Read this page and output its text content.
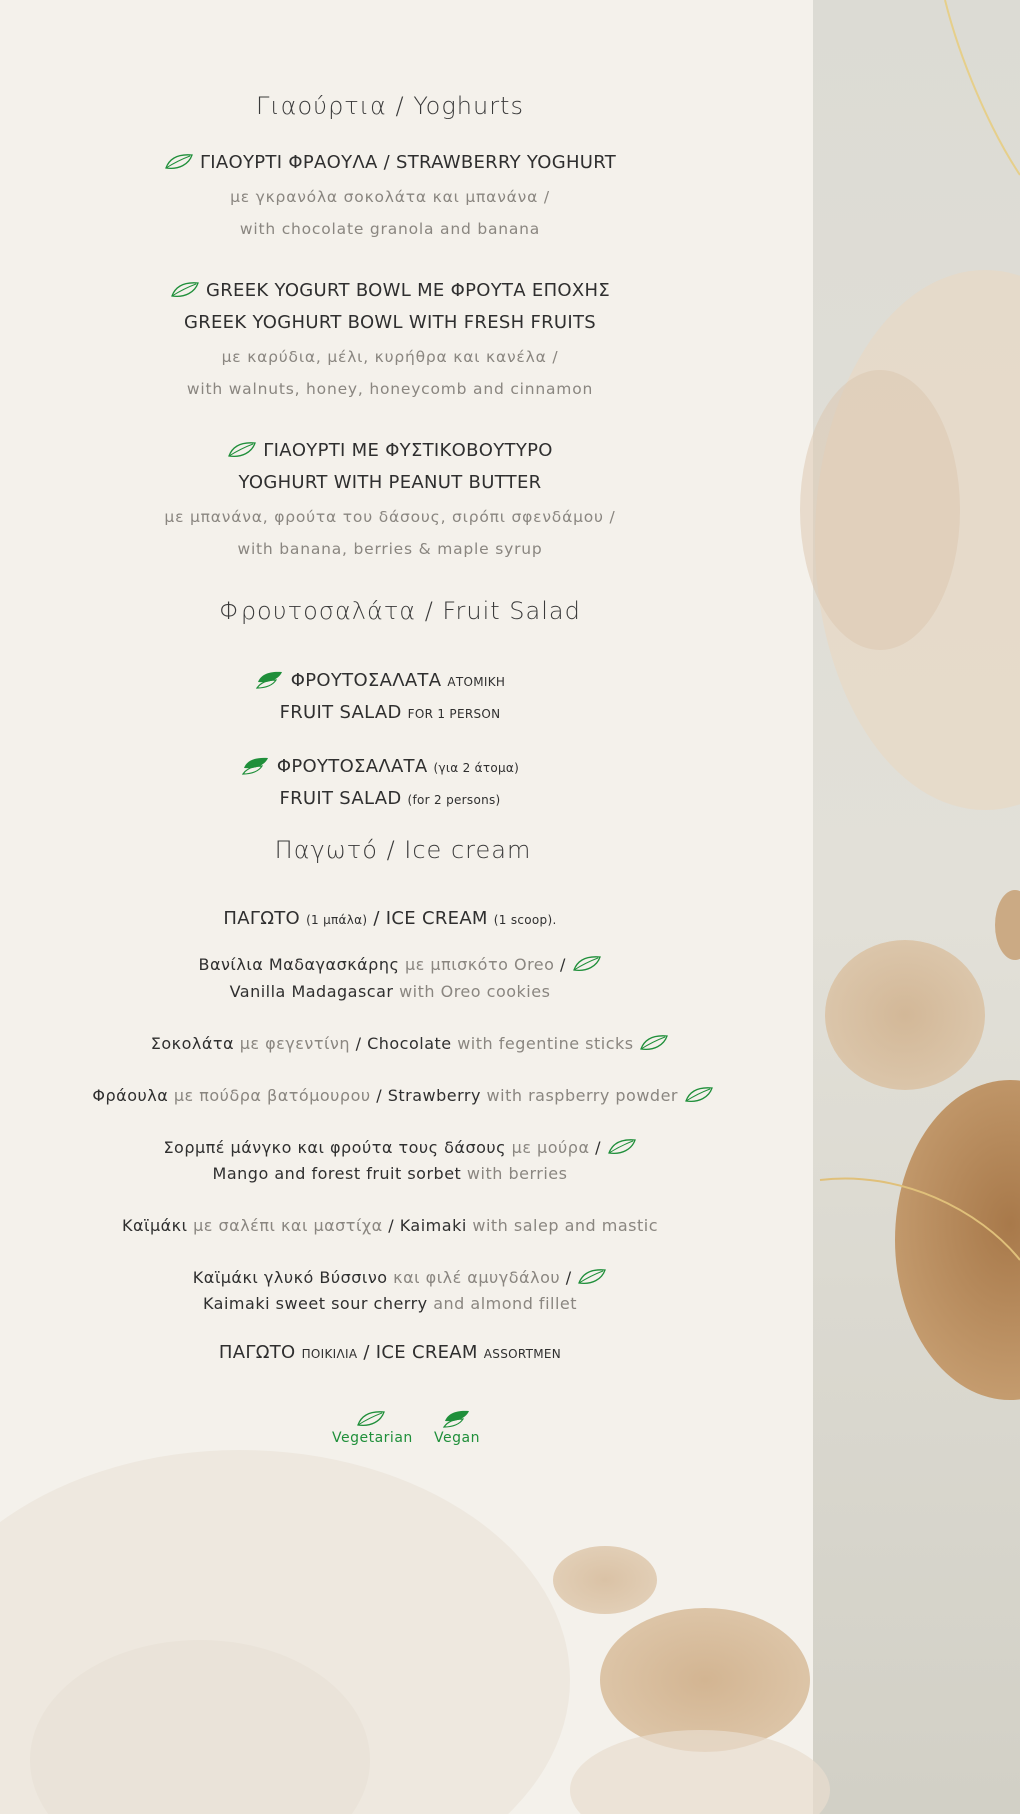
Γιαούρτια / Yoghurts
ΓΙΑΟΥΡΤΙ ΦΡΑΟΥΛΑ / STRAWBERRY YOGHURT
με γκρανόλα σοκολάτα και μπανάνα /
with chocolate granola and banana
GREEK YOGURT BOWL ΜΕ ΦΡΟΥΤΑ ΕΠΟΧΗΣ
GREEK YOGHURT BOWL WITH FRESH FRUITS
με καρύδια, μέλι, κυρήθρα και κανέλα /
with walnuts, honey, honeycomb and cinnamon
ΓΙΑΟΥΡΤΙ ΜΕ ΦΥΣΤΙΚΟΒΟΥΤΥΡΟ
YOGHURT WITH PEANUT BUTTER
με μπανάνα, φρούτα του δάσους, σιρόπι σφενδάμου /
with banana, berries & maple syrup
Φρουτοσαλάτα / Fruit Salad
ΦΡΟΥΤΟΣΑΛΑΤΑ ΑΤΟΜΙΚΗ
FRUIT SALAD FOR 1 PERSON
ΦΡΟΥΤΟΣΑΛΑΤΑ (για 2 άτομα)
FRUIT SALAD (for 2 persons)
Παγωτό / Ice cream
ΠΑΓΩΤΟ (1 μπάλα) / ICE CREAM (1 scoop).
Βανίλια Μαδαγασκάρης με μπισκότο Oreo /
Vanilla Madagascar with Oreo cookies
Σοκολάτα με φεγεντίνη / Chocolate with fegentine sticks
Φράουλα με πούδρα βατόμουρου / Strawberry with raspberry powder
Σορμπέ μάνγκο και φρούτα τους δάσους με μούρα /
Mango and forest fruit sorbet with berries
Καϊμάκι με σαλέπι και μαστίχα / Kaimaki with salep and mastic
Καϊμάκι γλυκό Βύσσινο και φιλέ αμυγδάλου /
Kaimaki sweet sour cherry and almond fillet
ΠΑΓΩΤΟ ΠΟΙΚΙΛΙΑ / ICE CREAM ASSORTMEN
Vegetarian Vegan
